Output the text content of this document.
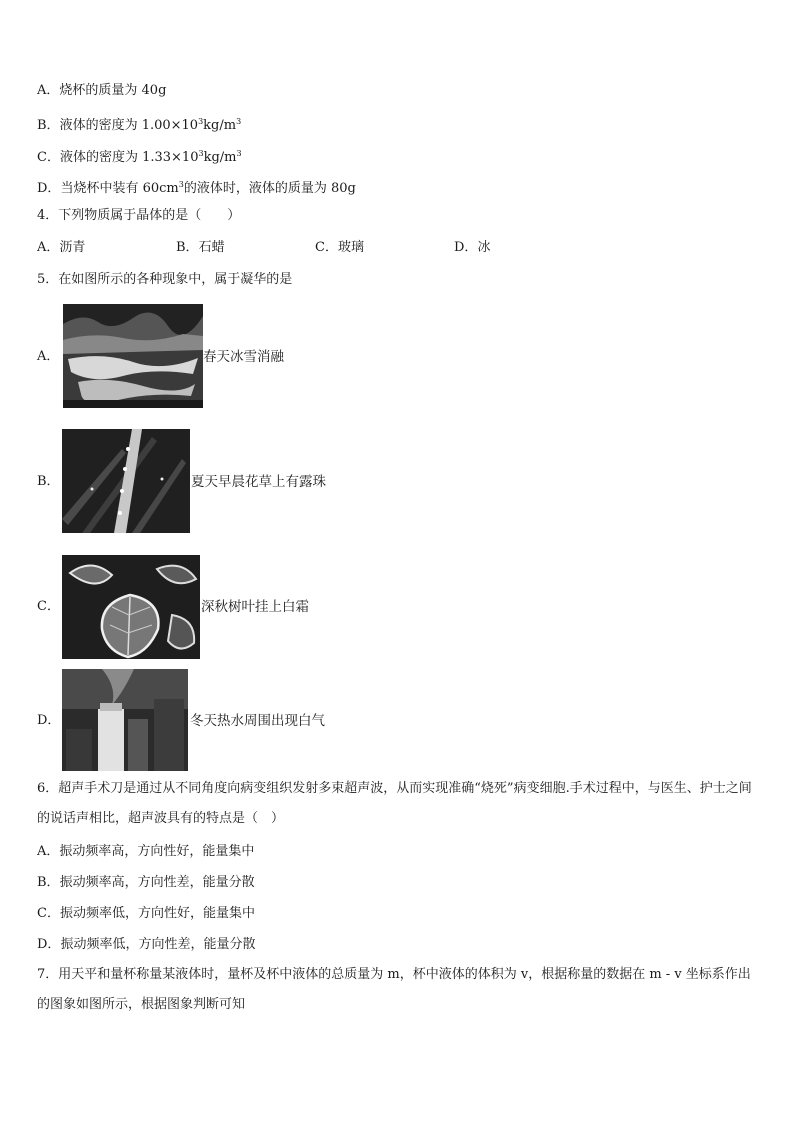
A．烧杯的质量为 40g
B．液体的密度为 $1.00\times 10^3kg/m^3$
C．液体的密度为 $1.33\times 10^3kg/m^3$
D．当烧杯中装有 $60cm^3$的液体时，液体的质量为 80g
4．下列物质属于晶体的是（　　）
A．沥青	B．石蜡	C．玻璃	D．冰
5．在如图所示的各种现象中，属于凝华的是
A．	春天冰雪消融
B．	夏天早晨花草上有露珠
C．	深秋树叶挂上白霜
D．	冬天热水周围出现白气
6．超声手术刀是通过从不同角度向病变组织发射多束超声波，从而实现准确“烧死”病变细胞.手术过程中，与医生、护士之间的说话声相比，超声波具有的特点是（　）
A．振动频率高，方向性好，能量集中
B．振动频率高，方向性差，能量分散
C．振动频率低，方向性好，能量集中
D．振动频率低，方向性差，能量分散
7．用天平和量杯称量某液体时，量杯及杯中液体的总质量为 m，杯中液体的体积为 v，根据称量的数据在 m - v 坐标系作出的图象如图所示，根据图象判断可知
